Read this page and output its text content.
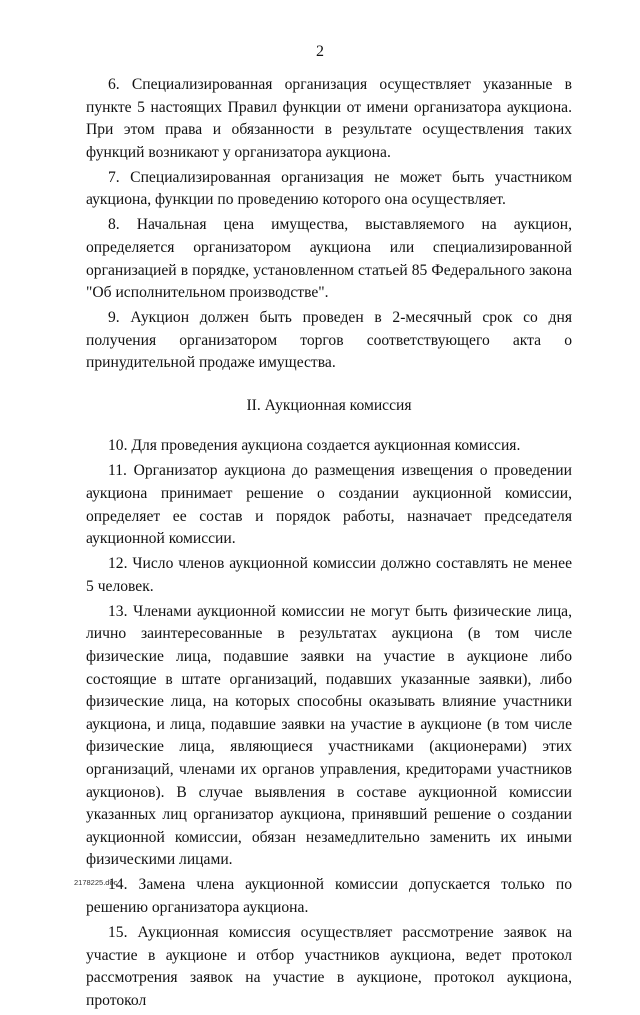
2

6. Специализированная организация осуществляет указанные в пункте 5 настоящих Правил функции от имени организатора аукциона. При этом права и обязанности в результате осуществления таких функций возникают у организатора аукциона.

7. Специализированная организация не может быть участником аукциона, функции по проведению которого она осуществляет.

8. Начальная цена имущества, выставляемого на аукцион, определяется организатором аукциона или специализированной организацией в порядке, установленном статьей 85 Федерального закона "Об исполнительном производстве".

9. Аукцион должен быть проведен в 2-месячный срок со дня получения организатором торгов соответствующего акта о принудительной продаже имущества.

II. Аукционная комиссия

10. Для проведения аукциона создается аукционная комиссия.

11. Организатор аукциона до размещения извещения о проведении аукциона принимает решение о создании аукционной комиссии, определяет ее состав и порядок работы, назначает председателя аукционной комиссии.

12. Число членов аукционной комиссии должно составлять не менее 5 человек.

13. Членами аукционной комиссии не могут быть физические лица, лично заинтересованные в результатах аукциона (в том числе физические лица, подавшие заявки на участие в аукционе либо состоящие в штате организаций, подавших указанные заявки), либо физические лица, на которых способны оказывать влияние участники аукциона, и лица, подавшие заявки на участие в аукционе (в том числе физические лица, являющиеся участниками (акционерами) этих организаций, членами их органов управления, кредиторами участников аукционов). В случае выявления в составе аукционной комиссии указанных лиц организатор аукциона, принявший решение о создании аукционной комиссии, обязан незамедлительно заменить их иными физическими лицами.

14. Замена члена аукционной комиссии допускается только по решению организатора аукциона.

15. Аукционная комиссия осуществляет рассмотрение заявок на участие в аукционе и отбор участников аукциона, ведет протокол рассмотрения заявок на участие в аукционе, протокол аукциона, протокол

2178225.doc
